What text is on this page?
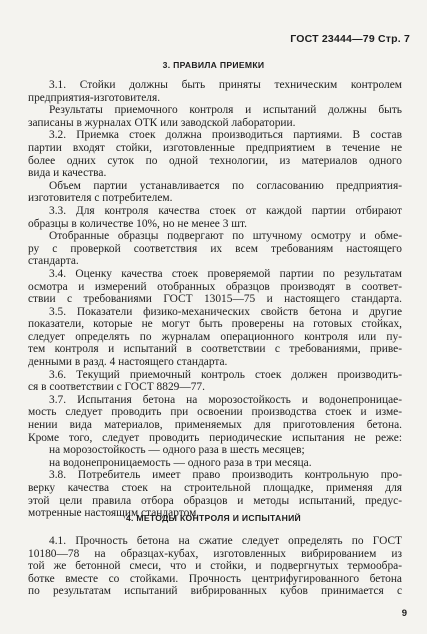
ГОСТ 23444—79 Стр. 7
3. ПРАВИЛА ПРИЕМКИ
3.1. Стойки должны быть приняты техническим контролем
предприятия-изготовителя.
Результаты приемочного контроля и испытаний должны быть
записаны в журналах ОТК или заводской лаборатории.
3.2. Приемка стоек должна производиться партиями. В состав
партии входят стойки, изготовленные предприятием в течение не
более одних суток по одной технологии, из материалов одного
вида и качества.
Объем партии устанавливается по согласованию предприятия-
изготовителя с потребителем.
3.3. Для контроля качества стоек от каждой партии отбирают
образцы в количестве 10%, но не менее 3 шт.
Отобранные образцы подвергают по штучному осмотру и обме-
ру с проверкой соответствия их всем требованиям настоящего
стандарта.
3.4. Оценку качества стоек проверяемой партии по результатам
осмотра и измерений отобранных образцов производят в соответ-
ствии с требованиями ГОСТ 13015—75 и настоящего стандарта.
3.5. Показатели физико-механических свойств бетона и другие
показатели, которые не могут быть проверены на готовых стойках,
следует определять по журналам операционного контроля или пу-
тем контроля и испытаний в соответствии с требованиями, приве-
денными в разд. 4 настоящего стандарта.
3.6. Текущий приемочный контроль стоек должен производить-
ся в соответствии с ГОСТ 8829—77.
3.7. Испытания бетона на морозостойкость и водонепроницае-
мость следует проводить при освоении производства стоек и изме-
нении вида материалов, применяемых для приготовления бетона.
Кроме того, следует проводить периодические испытания не реже:
на морозостойкость — одного раза в шесть месяцев;
на водонепроницаемость — одного раза в три месяца.
3.8. Потребитель имеет право производить контрольную про-
верку качества стоек на строительной площадке, применяя для
этой цели правила отбора образцов и методы испытаний, предус-
мотренные настоящим стандартом.
4. МЕТОДЫ КОНТРОЛЯ И ИСПЫТАНИЙ
4.1. Прочность бетона на сжатие следует определять по ГОСТ
10180—78 на образцах-кубах, изготовленных вибрированием из
той же бетонной смеси, что и стойки, и подвергнутых термообра-
ботке вместе со стойками. Прочность центрифугированного бетона
по результатам испытаний вибрированных кубов принимается с
9
